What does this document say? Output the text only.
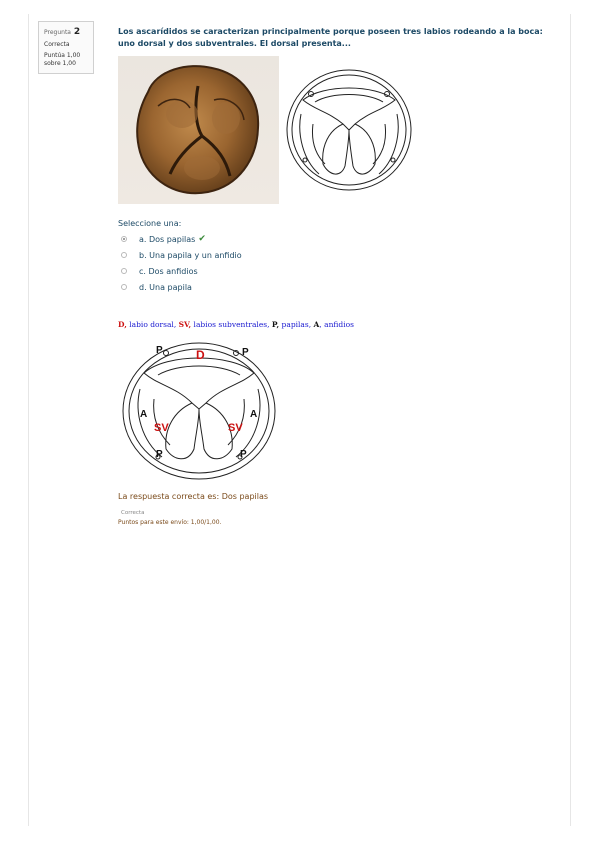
Pregunta 2
Correcta
Puntúa 1,00
sobre 1,00

Los ascarídidos se caracterizan principalmente porque poseen tres labios rodeando a la boca: uno dorsal y dos subventrales. El dorsal presenta...

Seleccione una:
a. Dos papilas ✔
b. Una papila y un anfidio
c. Dos anfidios
d. Una papila
D, labio dorsal, SV, labios subventrales, P, papilas, A, anfidios
P	P
D
A	A
SV	SV
P	P
La respuesta correcta es: Dos papilas
Correcta
Puntos para este envío: 1,00/1,00.
